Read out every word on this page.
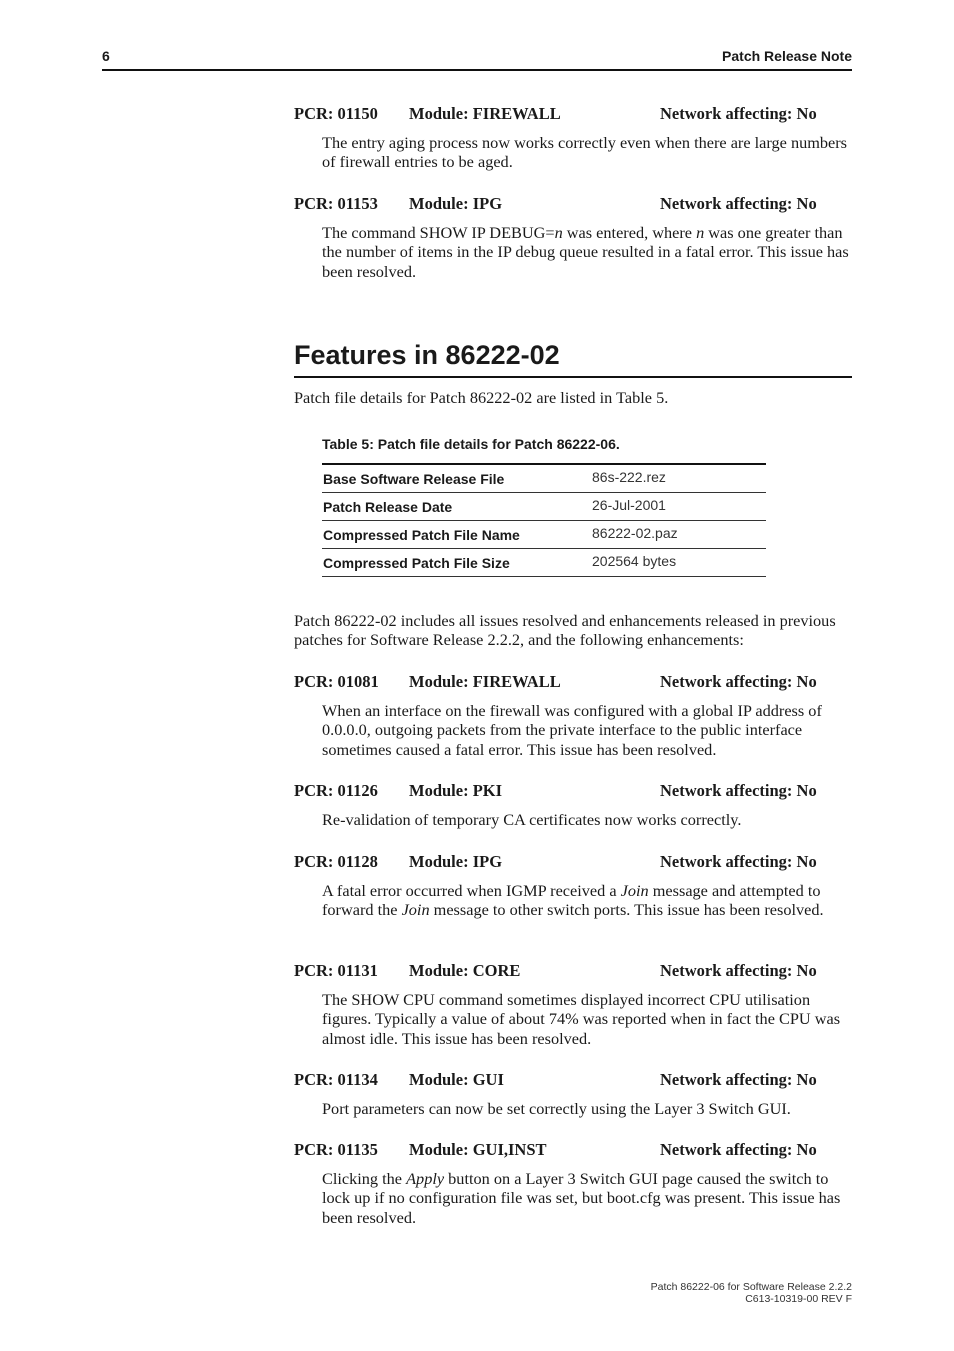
6	Patch Release Note
PCR: 01150 Module: FIREWALL	Network affecting: No
The entry aging process now works correctly even when there are large numbers of firewall entries to be aged.
PCR: 01153 Module: IPG	Network affecting: No
The command SHOW IP DEBUG=n was entered, where n was one greater than the number of items in the IP debug queue resulted in a fatal error. This issue has been resolved.
Features in 86222-02
Patch file details for Patch 86222-02 are listed in Table 5.
Table 5: Patch file details for Patch 86222-06.
Base Software Release File	86s-222.rez
Patch Release Date	26-Jul-2001
Compressed Patch File Name	86222-02.paz
Compressed Patch File Size	202564 bytes
Patch 86222-02 includes all issues resolved and enhancements released in previous patches for Software Release 2.2.2, and the following enhancements:
PCR: 01081 Module: FIREWALL	Network affecting: No
When an interface on the firewall was configured with a global IP address of 0.0.0.0, outgoing packets from the private interface to the public interface sometimes caused a fatal error. This issue has been resolved.
PCR: 01126 Module: PKI	Network affecting: No
Re-validation of temporary CA certificates now works correctly.
PCR: 01128 Module: IPG	Network affecting: No
A fatal error occurred when IGMP received a Join message and attempted to forward the Join message to other switch ports. This issue has been resolved.
PCR: 01131 Module: CORE	Network affecting: No
The SHOW CPU command sometimes displayed incorrect CPU utilisation figures. Typically a value of about 74% was reported when in fact the CPU was almost idle. This issue has been resolved.
PCR: 01134 Module: GUI	Network affecting: No
Port parameters can now be set correctly using the Layer 3 Switch GUI.
PCR: 01135 Module: GUI,INST	Network affecting: No
Clicking the Apply button on a Layer 3 Switch GUI page caused the switch to lock up if no configuration file was set, but boot.cfg was present. This issue has been resolved.
Patch 86222-06 for Software Release 2.2.2
C613-10319-00 REV F
